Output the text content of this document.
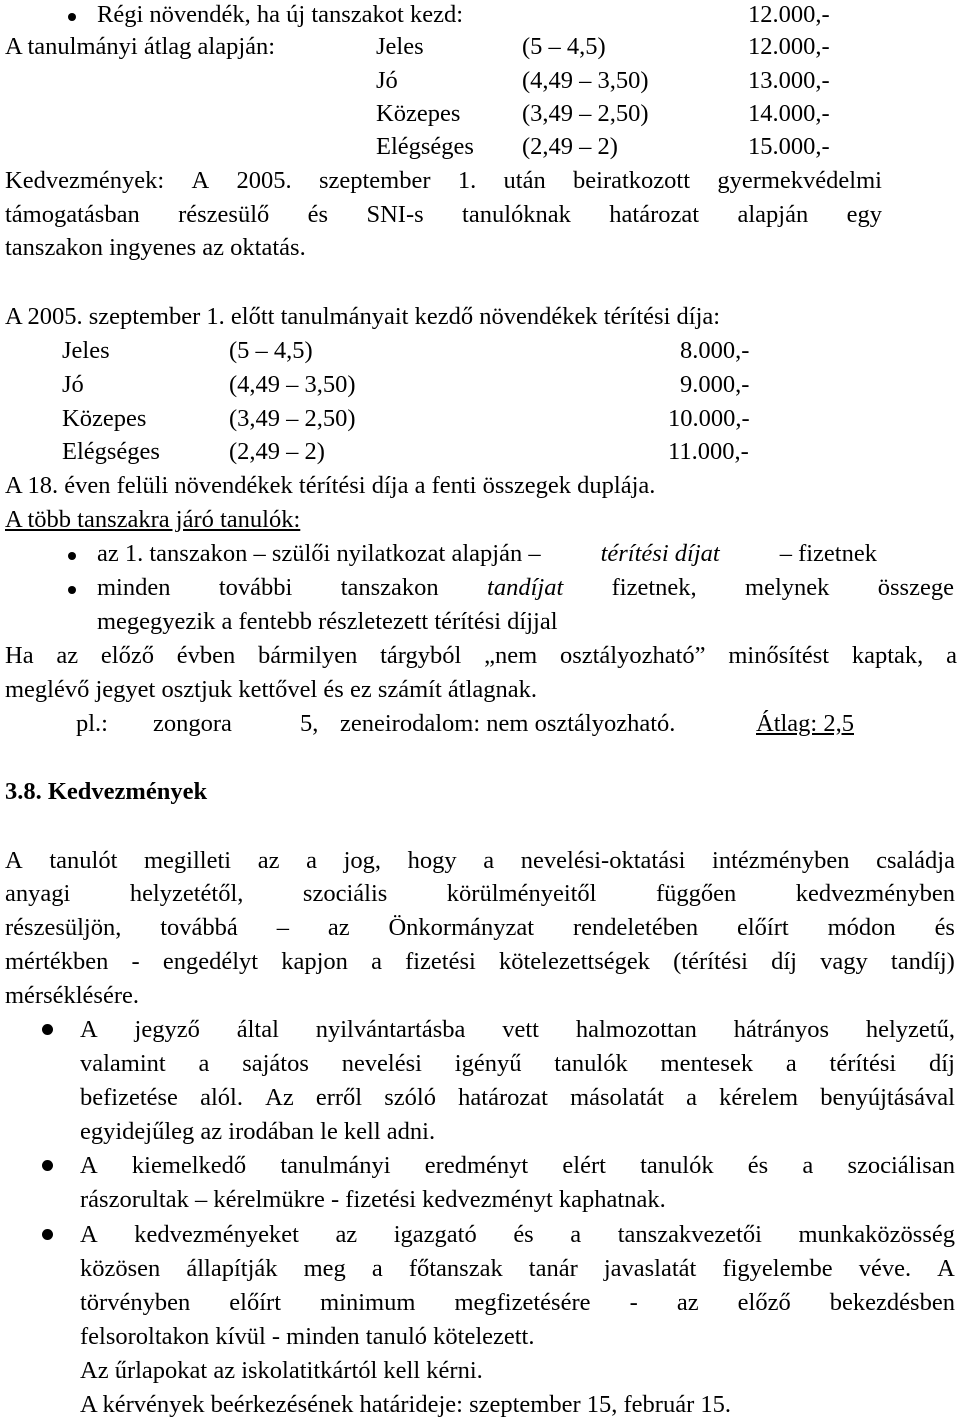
Régi növendék, ha új tanszakot kezd:	12.000,-
A tanulmányi átlag alapján:	Jeles	(5 – 4,5)	12.000,-
Jó	(4,49 – 3,50)	13.000,-
Közepes	(3,49 – 2,50)	14.000,-
Elégséges (2,49 – 2)	15.000,-
Kedvezmények: A 2005. szeptember 1. után beiratkozott gyermekvédelmi
támogatásban részesülő és SNI-s tanulóknak határozat alapján egy
tanszakon ingyenes az oktatás.
A 2005. szeptember 1. előtt tanulmányait kezdő növendékek térítési díja:
Jeles	(5 – 4,5)	8.000,-
Jó	(4,49 – 3,50)	9.000,-
Közepes	(3,49 – 2,50)	10.000,-
Elégséges	(2,49 – 2)	11.000,-
A 18. éven felüli növendékek térítési díja a fenti összegek duplája.
A több tanszakra járó tanulók:
az 1. tanszakon – szülői nyilatkozat alapján – térítési díjat – fizetnek
minden további tanszakon tandíjat fizetnek, melynek összege
megegyezik a fentebb részletezett térítési díjjal
Ha az előző évben bármilyen tárgyból „nem osztályozható” minősítést kaptak, a
meglévő jegyet osztjuk kettővel és ez számít átlagnak.
pl.: zongora	5, zeneirodalom: nem osztályozható.	Átlag: 2,5
3.8. Kedvezmények
A tanulót megilleti az a jog, hogy a nevelési-oktatási intézményben családja
anyagi helyzetétől, szociális körülményeitől függően kedvezményben
részesüljön, továbbá – az Önkormányzat rendeletében előírt módon és
mértékben - engedélyt kapjon a fizetési kötelezettségek (térítési díj vagy tandíj)
mérséklésére.
A jegyző által nyilvántartásba vett halmozottan hátrányos helyzetű,
valamint a sajátos nevelési igényű tanulók mentesek a térítési díj
befizetése alól. Az erről szóló határozat másolatát a kérelem benyújtásával
egyidejűleg az irodában le kell adni.
A kiemelkedő tanulmányi eredményt elért tanulók és a szociálisan
rászorultak – kérelmükre - fizetési kedvezményt kaphatnak.
A kedvezményeket az igazgató és a tanszakvezetői munkaközösség
közösen állapítják meg a főtanszak tanár javaslatát figyelembe véve. A
törvényben előírt minimum megfizetésére - az előző bekezdésben
felsoroltakon kívül - minden tanuló kötelezett.
Az űrlapokat az iskolatitkártól kell kérni.
A kérvények beérkezésének határideje: szeptember 15, február 15.
